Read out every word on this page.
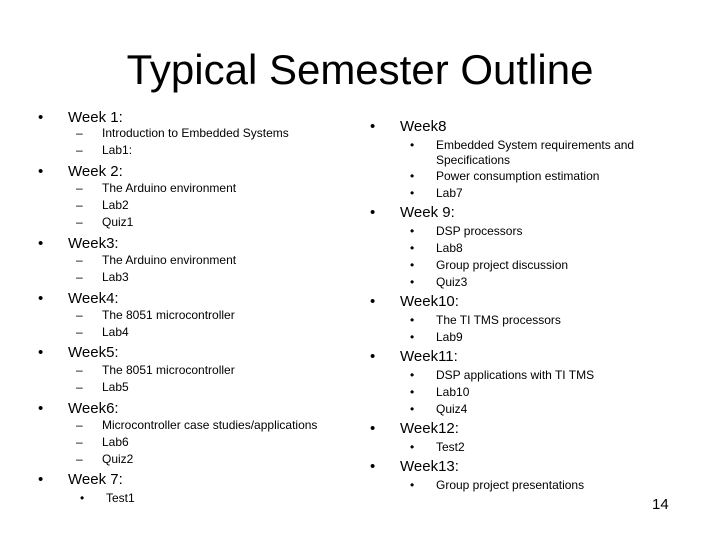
Typical Semester Outline
• Week 1:
– Introduction to Embedded Systems
– Lab1:
• Week 2:
– The Arduino environment
– Lab2
– Quiz1
• Week3:
– The Arduino environment
– Lab3
• Week4:
– The 8051 microcontroller
– Lab4
• Week5:
– The 8051 microcontroller
– Lab5
• Week6:
– Microcontroller case studies/applications
– Lab6
– Quiz2
• Week 7:
• Test1
• Week8
• Embedded System requirements and Specifications
• Power consumption estimation
• Lab7
• Week 9:
• DSP processors
• Lab8
• Group project discussion
• Quiz3
• Week10:
• The TI TMS processors
• Lab9
• Week11:
• DSP applications with TI TMS
• Lab10
• Quiz4
• Week12:
• Test2
• Week13:
• Group project presentations
14
